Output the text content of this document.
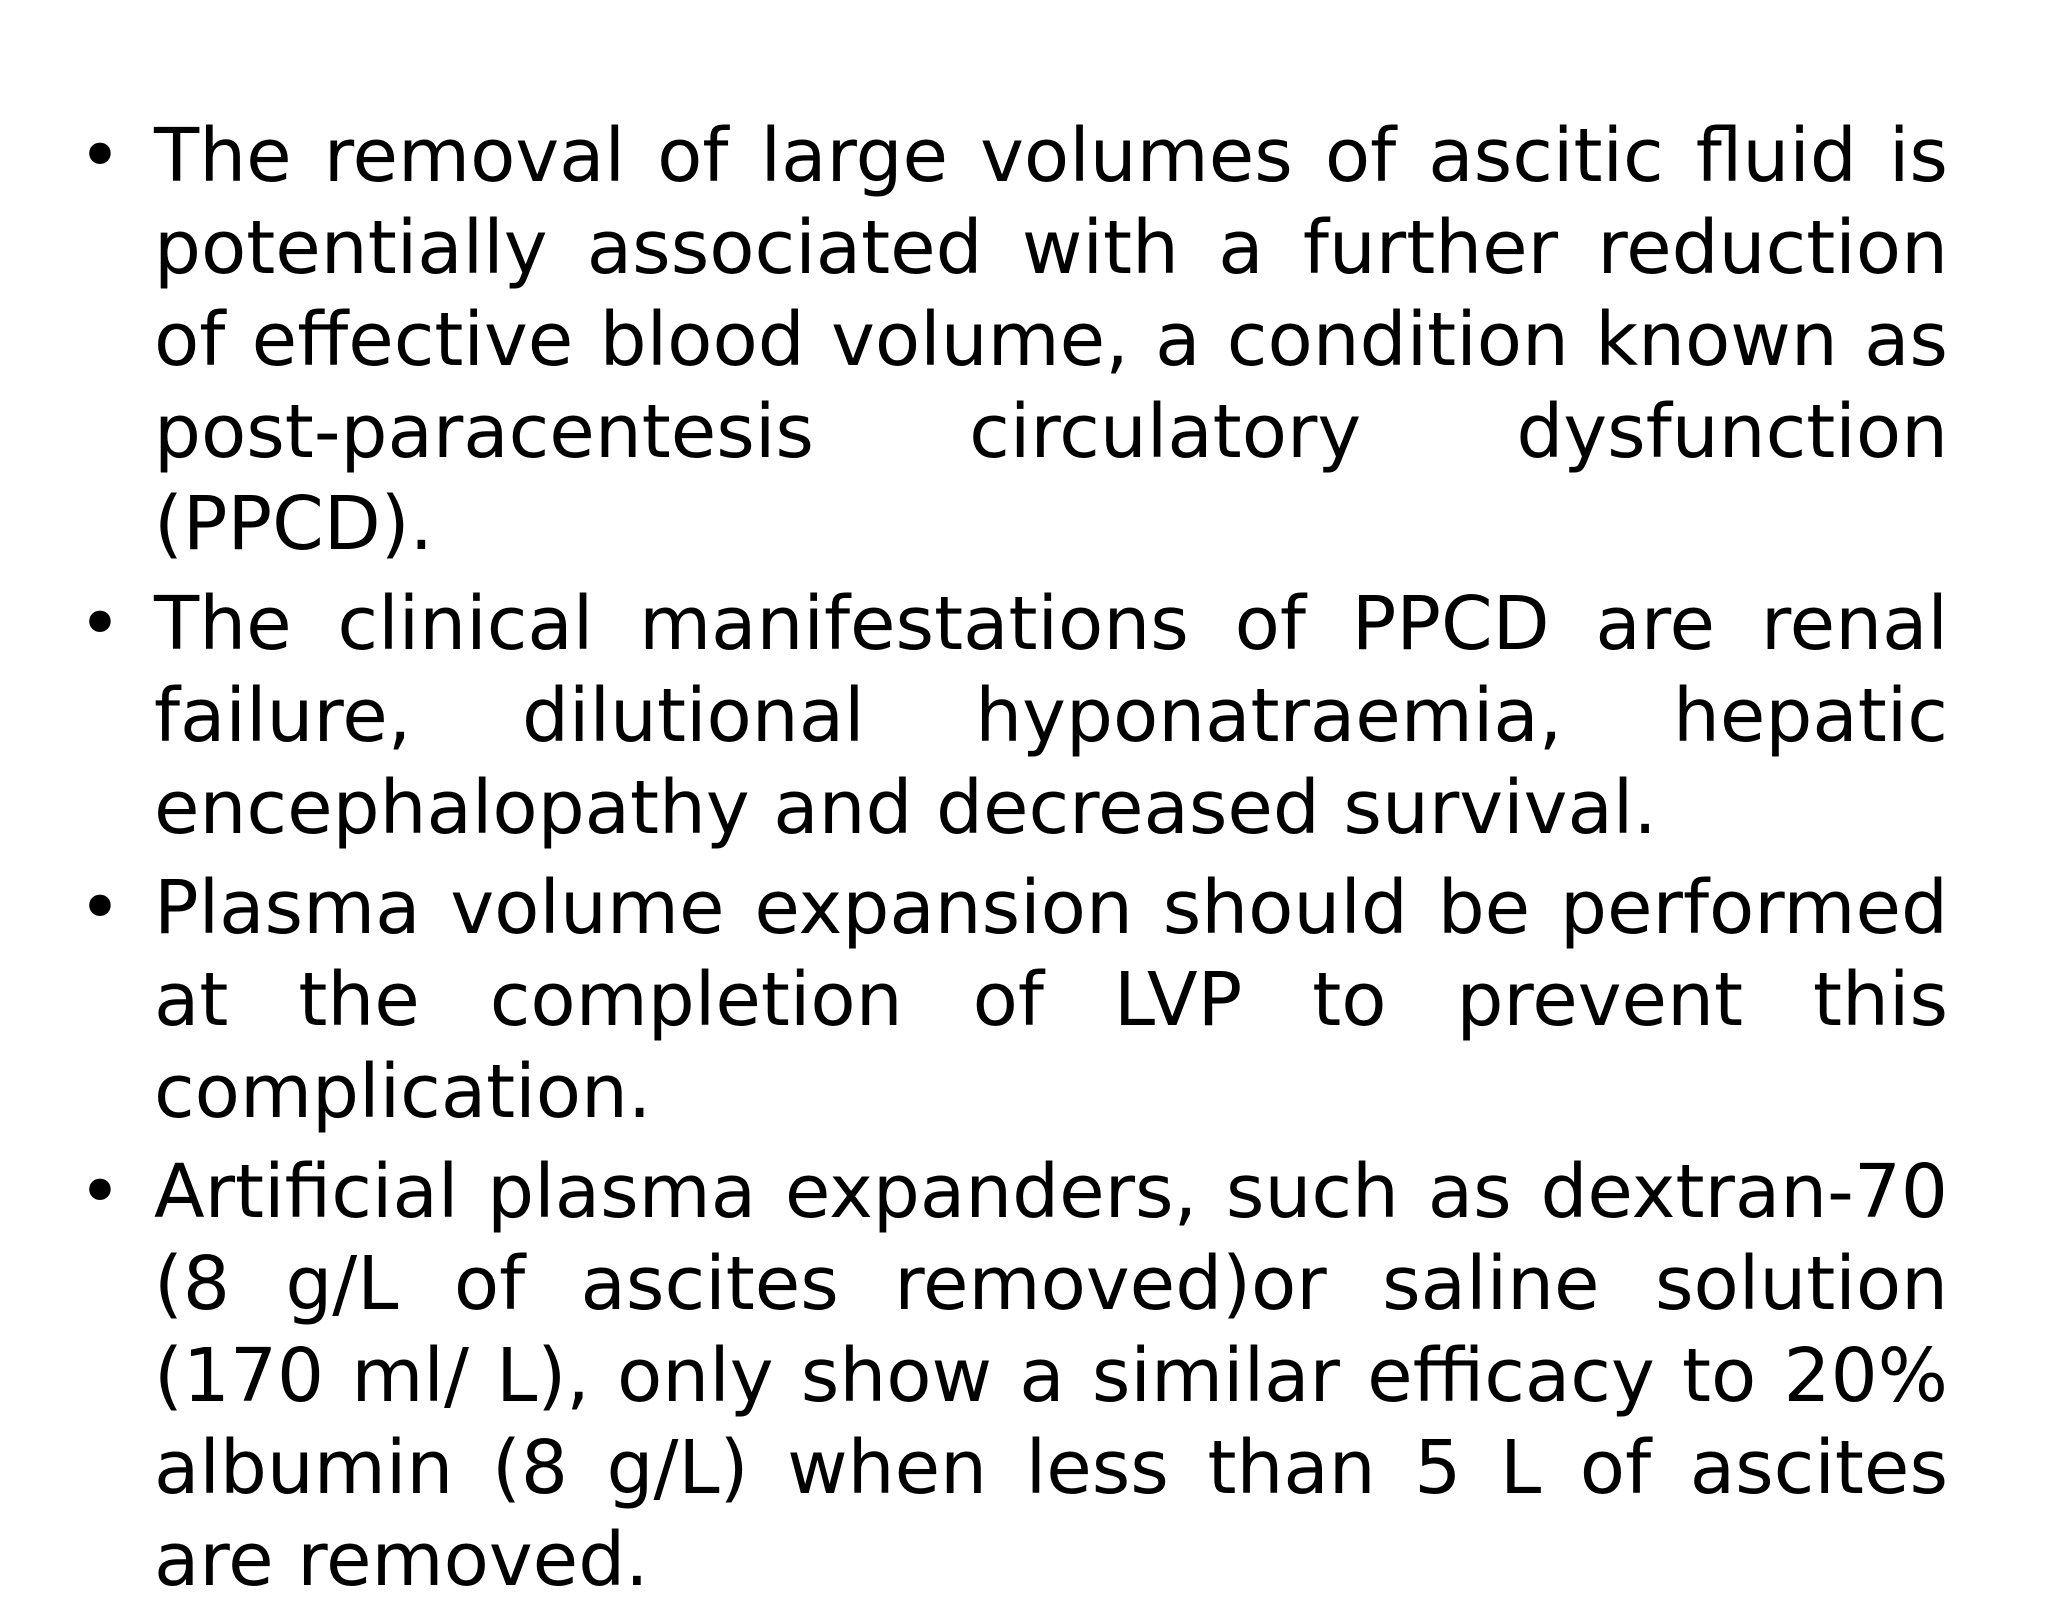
• The removal of large volumes of ascitic fluid is potentially associated with a further reduction of effective blood volume, a condition known as post-paracentesis circulatory dysfunction (PPCD).
• The clinical manifestations of PPCD are renal failure, dilutional hyponatraemia, hepatic encephalopathy and decreased survival.
• Plasma volume expansion should be performed at the completion of LVP to prevent this complication.
• Artificial plasma expanders, such as dextran-70 (8 g/L of ascites removed)or saline solution (170 ml/ L), only show a similar efficacy to 20% albumin (8 g/L) when less than 5 L of ascites are removed.
